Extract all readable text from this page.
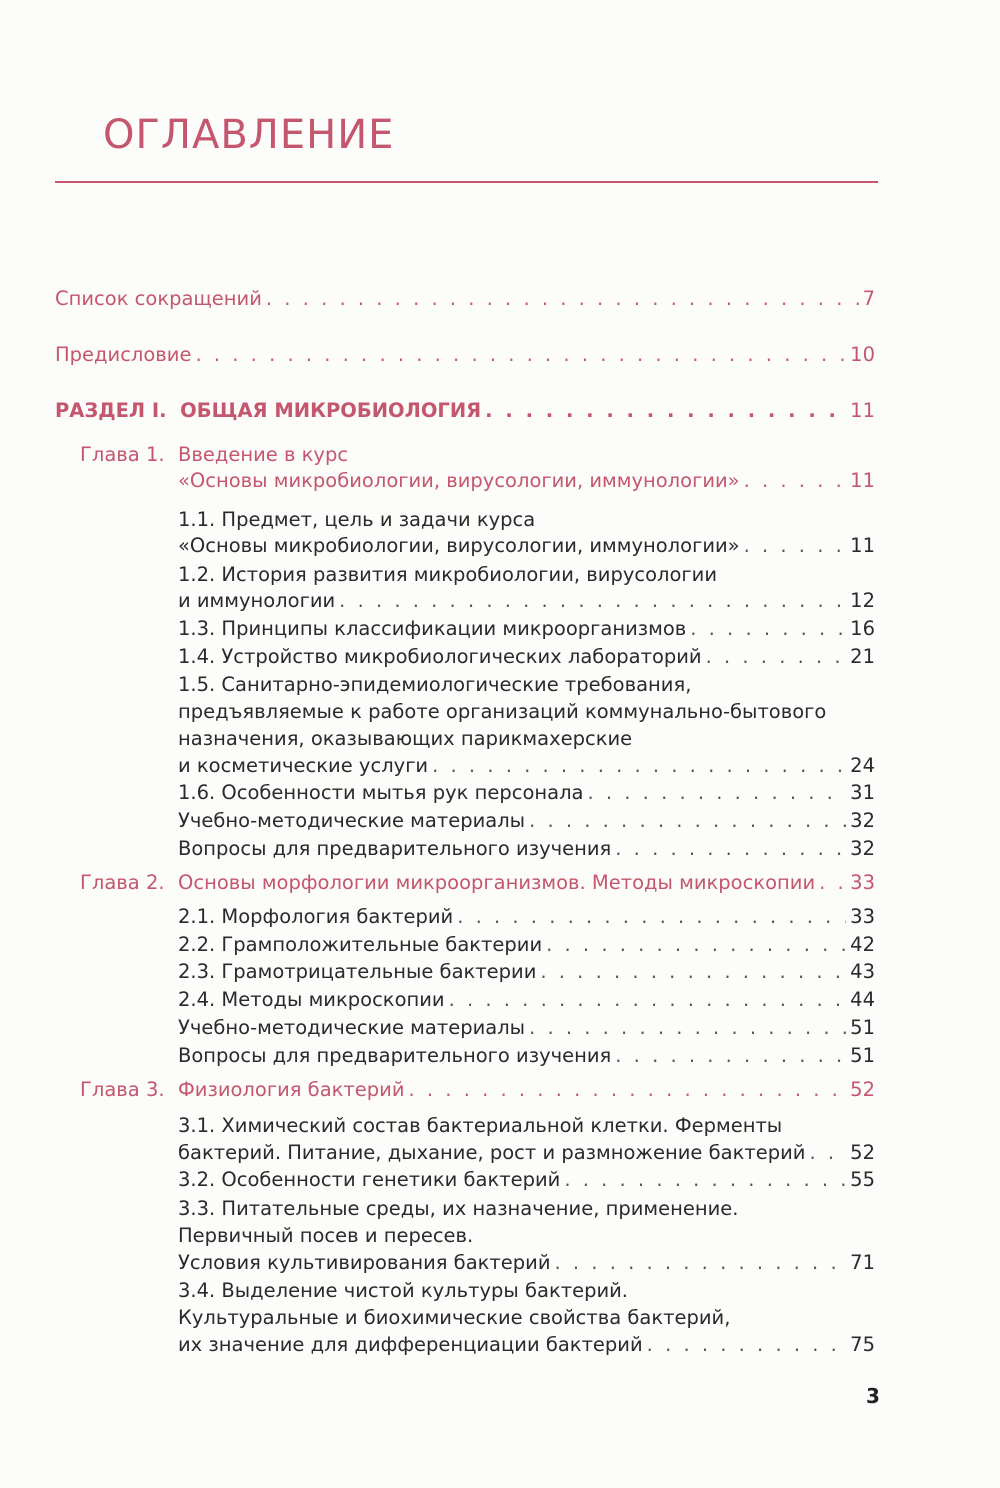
ОГЛАВЛЕНИЕ
Список сокращений . . .	7
Предисловие . . .	10
РАЗДЕЛ I. ОБЩАЯ МИКРОБИОЛОГИЯ . . .	11
Глава 1. Введение в курс
«Основы микробиологии, вирусологии, иммунологии» . . .	11
1.1. Предмет, цель и задачи курса
«Основы микробиологии, вирусологии, иммунологии» . . .	11
1.2. История развития микробиологии, вирусологии
и иммунологии . . .	12
1.3. Принципы классификации микроорганизмов . . .	16
1.4. Устройство микробиологических лабораторий . . .	21
1.5. Санитарно-эпидемиологические требования,
предъявляемые к работе организаций коммунально-бытового
назначения, оказывающих парикмахерские
и косметические услуги . . .	24
1.6. Особенности мытья рук персонала . . .	31
Учебно-методические материалы . . .	32
Вопросы для предварительного изучения . . .	32
Глава 2. Основы морфологии микроорганизмов. Методы микроскопии . . . 33
2.1. Морфология бактерий . . .	33
2.2. Грамположительные бактерии . . .	42
2.3. Грамотрицательные бактерии . . .	43
2.4. Методы микроскопии . . .	44
Учебно-методические материалы . . .	51
Вопросы для предварительного изучения . . .	51
Глава 3. Физиология бактерий . . .	52
3.1. Химический состав бактериальной клетки. Ферменты
бактерий. Питание, дыхание, рост и размножение бактерий . . . 52
3.2. Особенности генетики бактерий . . .	55
3.3. Питательные среды, их назначение, применение.
Первичный посев и пересев.
Условия культивирования бактерий . . .	71
3.4. Выделение чистой культуры бактерий.
Культуральные и биохимические свойства бактерий,
их значение для дифференциации бактерий . . .	75
3
